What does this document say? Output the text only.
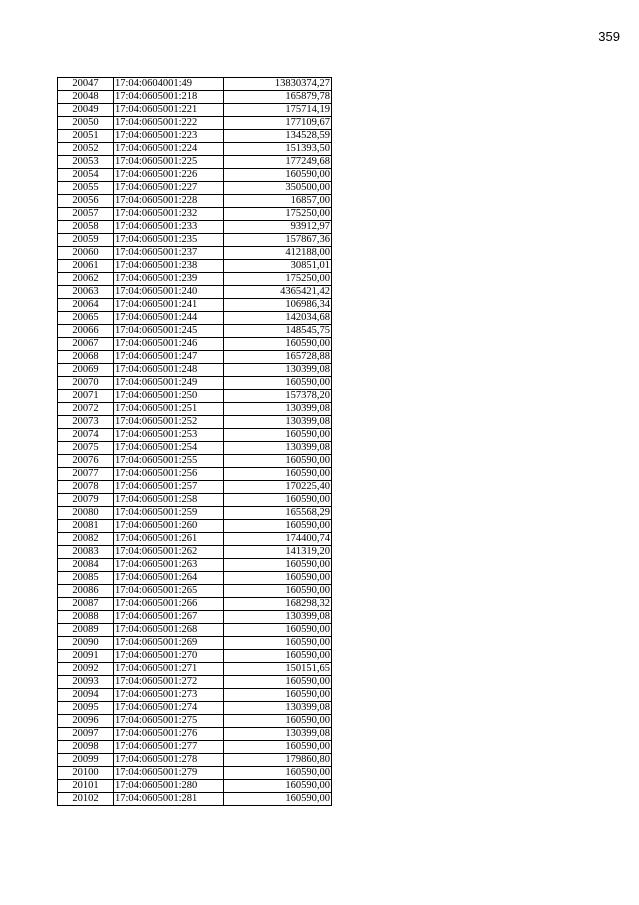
359
20047	17:04:0604001:49	13830374,27
20048	17:04:0605001:218	165879,78
20049	17:04:0605001:221	175714,19
20050	17:04:0605001:222	177109,67
20051	17:04:0605001:223	134528,59
20052	17:04:0605001:224	151393,50
20053	17:04:0605001:225	177249,68
20054	17:04:0605001:226	160590,00
20055	17:04:0605001:227	350500,00
20056	17:04:0605001:228	16857,00
20057	17:04:0605001:232	175250,00
20058	17:04:0605001:233	93912,97
20059	17:04:0605001:235	157867,36
20060	17:04:0605001:237	412188,00
20061	17:04:0605001:238	30851,01
20062	17:04:0605001:239	175250,00
20063	17:04:0605001:240	4365421,42
20064	17:04:0605001:241	106986,34
20065	17:04:0605001:244	142034,68
20066	17:04:0605001:245	148545,75
20067	17:04:0605001:246	160590,00
20068	17:04:0605001:247	165728,88
20069	17:04:0605001:248	130399,08
20070	17:04:0605001:249	160590,00
20071	17:04:0605001:250	157378,20
20072	17:04:0605001:251	130399,08
20073	17:04:0605001:252	130399,08
20074	17:04:0605001:253	160590,00
20075	17:04:0605001:254	130399,08
20076	17:04:0605001:255	160590,00
20077	17:04:0605001:256	160590,00
20078	17:04:0605001:257	170225,40
20079	17:04:0605001:258	160590,00
20080	17:04:0605001:259	165568,29
20081	17:04:0605001:260	160590,00
20082	17:04:0605001:261	174400,74
20083	17:04:0605001:262	141319,20
20084	17:04:0605001:263	160590,00
20085	17:04:0605001:264	160590,00
20086	17:04:0605001:265	160590,00
20087	17:04:0605001:266	168298,32
20088	17:04:0605001:267	130399,08
20089	17:04:0605001:268	160590,00
20090	17:04:0605001:269	160590,00
20091	17:04:0605001:270	160590,00
20092	17:04:0605001:271	150151,65
20093	17:04:0605001:272	160590,00
20094	17:04:0605001:273	160590,00
20095	17:04:0605001:274	130399,08
20096	17:04:0605001:275	160590,00
20097	17:04:0605001:276	130399,08
20098	17:04:0605001:277	160590,00
20099	17:04:0605001:278	179860,80
20100	17:04:0605001:279	160590,00
20101	17:04:0605001:280	160590,00
20102	17:04:0605001:281	160590,00
